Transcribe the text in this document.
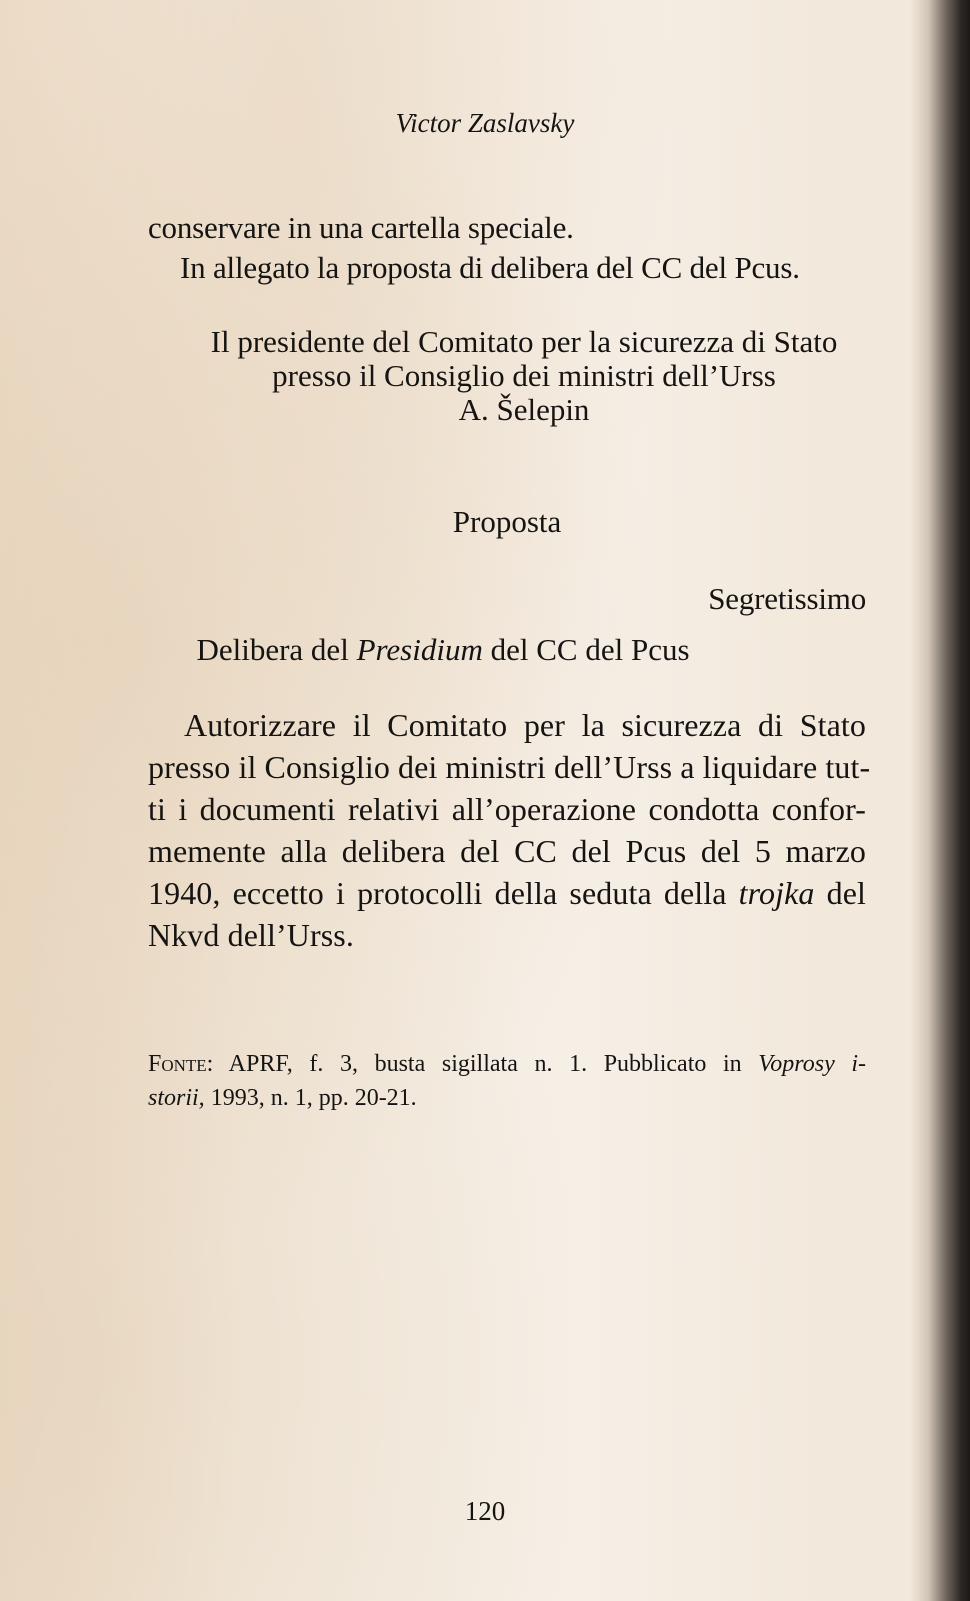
Victor Zaslavsky
conservare in una cartella speciale.
In allegato la proposta di delibera del CC del Pcus.
Il presidente del Comitato per la sicurezza di Stato
presso il Consiglio dei ministri dell’Urss
A. Šelepin
Proposta
Segretissimo
Delibera del Presidium del CC del Pcus
Autorizzare il Comitato per la sicurezza di Stato
presso il Consiglio dei ministri dell’Urss a liquidare tut-
ti i documenti relativi all’operazione condotta confor-
memente alla delibera del CC del Pcus del 5 marzo
1940, eccetto i protocolli della seduta della trojka del
Nkvd dell’Urss.
Fonte: APRF, f. 3, busta sigillata n. 1. Pubblicato in Voprosy i-
storii, 1993, n. 1, pp. 20-21.
120
